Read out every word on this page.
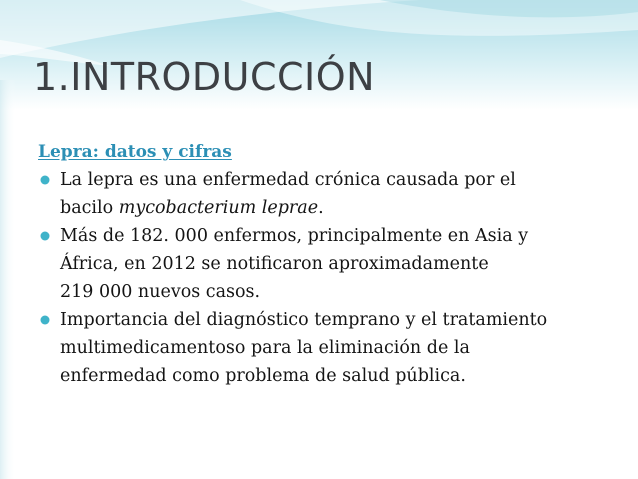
1.INTRODUCCIÓN
Lepra: datos y cifras
La lepra es una enfermedad crónica causada por el
bacilo mycobacterium leprae.
Más de 182. 000 enfermos, principalmente en Asia y
África, en 2012 se notificaron aproximadamente
219 000 nuevos casos.
Importancia del diagnóstico temprano y el tratamiento
multimedicamentoso para la eliminación de la
enfermedad como problema de salud pública.
